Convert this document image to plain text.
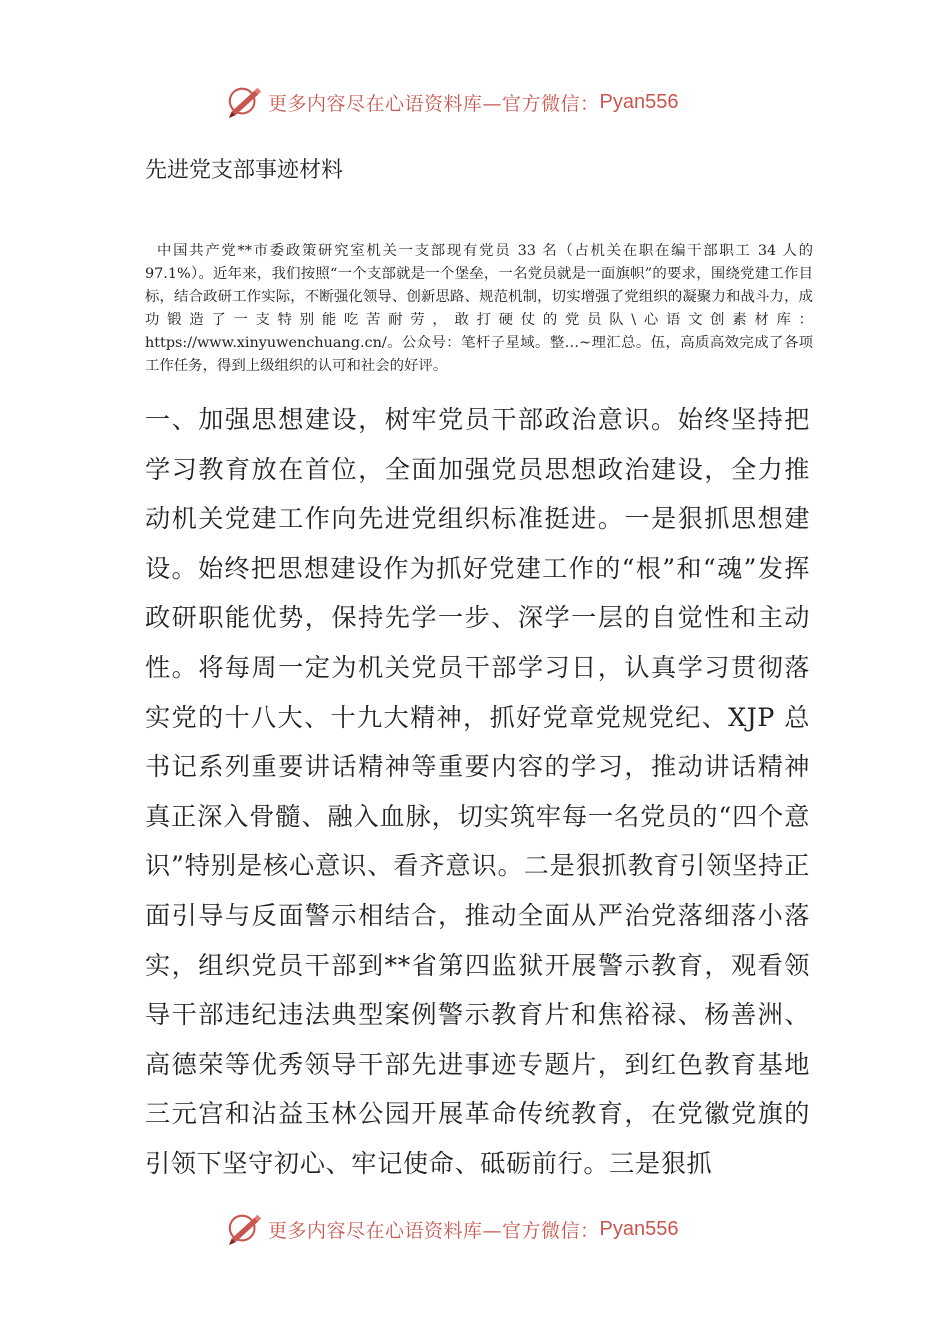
更多内容尽在心语资料库—官方微信： Pyan556
先进党支部事迹材料

中国共产党**市委政策研究室机关一支部现有党员 33 名（占机关在职在编干部职工 34 人的 97.1%）。近年来，我们按照“一个支部就是一个堡垒，一名党员就是一面旗帜”的要求，围绕党建工作目标，结合政研工作实际，不断强化领导、创新思路、规范机制，切实增强了党组织的凝聚力和战斗力，成功锻造了一支特别能吃苦耐劳，敢打硬仗的党员队\心语文创素材库：https://www.xinyuwenchuang.cn/。公众号：笔杆子星域。整…~理汇总。伍，高质高效完成了各项工作任务，得到上级组织的认可和社会的好评。

一、加强思想建设，树牢党员干部政治意识。始终坚持把学习教育放在首位，全面加强党员思想政治建设，全力推动机关党建工作向先进党组织标准挺进。一是狠抓思想建设。始终把思想建设作为抓好党建工作的“根”和“魂”发挥政研职能优势，保持先学一步、深学一层的自觉性和主动性。将每周一定为机关党员干部学习日，认真学习贯彻落实党的十八大、十九大精神，抓好党章党规党纪、XJP 总书记系列重要讲话精神等重要内容的学习，推动讲话精神真正深入骨髓、融入血脉，切实筑牢每一名党员的“四个意识”特别是核心意识、看齐意识。二是狠抓教育引领坚持正面引导与反面警示相结合，推动全面从严治党落细落小落实，组织党员干部到**省第四监狱开展警示教育，观看领导干部违纪违法典型案例警示教育片和焦裕禄、杨善洲、高德荣等优秀领导干部先进事迹专题片，到红色教育基地三元宫和沾益玉林公园开展革命传统教育，在党徽党旗的引领下坚守初心、牢记使命、砥砺前行。三是狠抓

更多内容尽在心语资料库—官方微信： Pyan556
